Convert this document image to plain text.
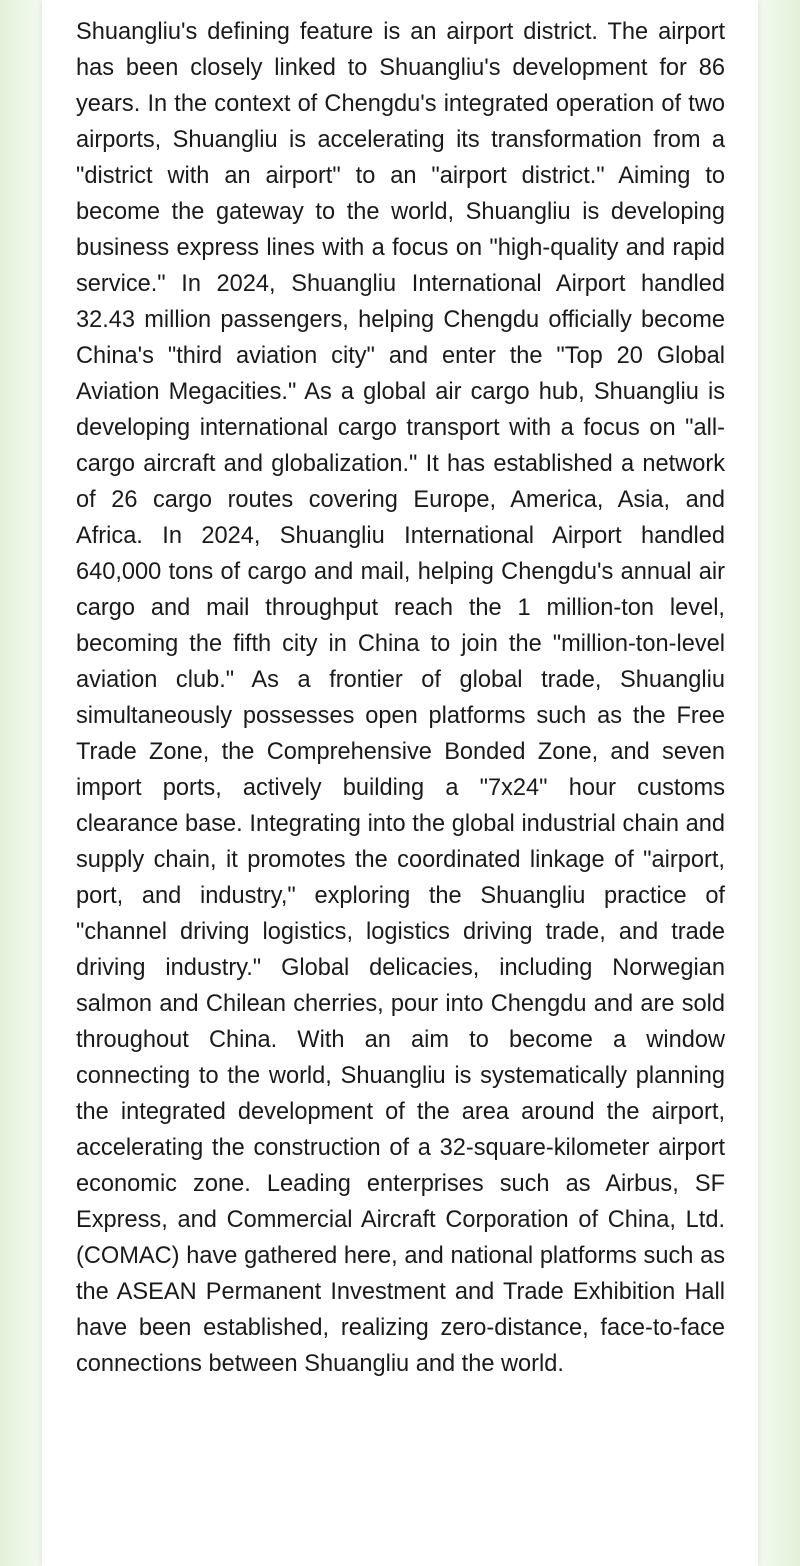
Shuangliu's defining feature is an airport district. The airport has been closely linked to Shuangliu's development for 86 years. In the context of Chengdu's integrated operation of two airports, Shuangliu is accelerating its transformation from a "district with an airport" to an "airport district." Aiming to become the gateway to the world, Shuangliu is developing business express lines with a focus on "high-quality and rapid service." In 2024, Shuangliu International Airport handled 32.43 million passengers, helping Chengdu officially become China's "third aviation city" and enter the "Top 20 Global Aviation Megacities." As a global air cargo hub, Shuangliu is developing international cargo transport with a focus on "all-cargo aircraft and globalization." It has established a network of 26 cargo routes covering Europe, America, Asia, and Africa. In 2024, Shuangliu International Airport handled 640,000 tons of cargo and mail, helping Chengdu's annual air cargo and mail throughput reach the 1 million-ton level, becoming the fifth city in China to join the "million-ton-level aviation club." As a frontier of global trade, Shuangliu simultaneously possesses open platforms such as the Free Trade Zone, the Comprehensive Bonded Zone, and seven import ports, actively building a "7x24" hour customs clearance base. Integrating into the global industrial chain and supply chain, it promotes the coordinated linkage of "airport, port, and industry," exploring the Shuangliu practice of "channel driving logistics, logistics driving trade, and trade driving industry." Global delicacies, including Norwegian salmon and Chilean cherries, pour into Chengdu and are sold throughout China. With an aim to become a window connecting to the world, Shuangliu is systematically planning the integrated development of the area around the airport, accelerating the construction of a 32-square-kilometer airport economic zone. Leading enterprises such as Airbus, SF Express, and Commercial Aircraft Corporation of China, Ltd. (COMAC) have gathered here, and national platforms such as the ASEAN Permanent Investment and Trade Exhibition Hall have been established, realizing zero-distance, face-to-face connections between Shuangliu and the world.
